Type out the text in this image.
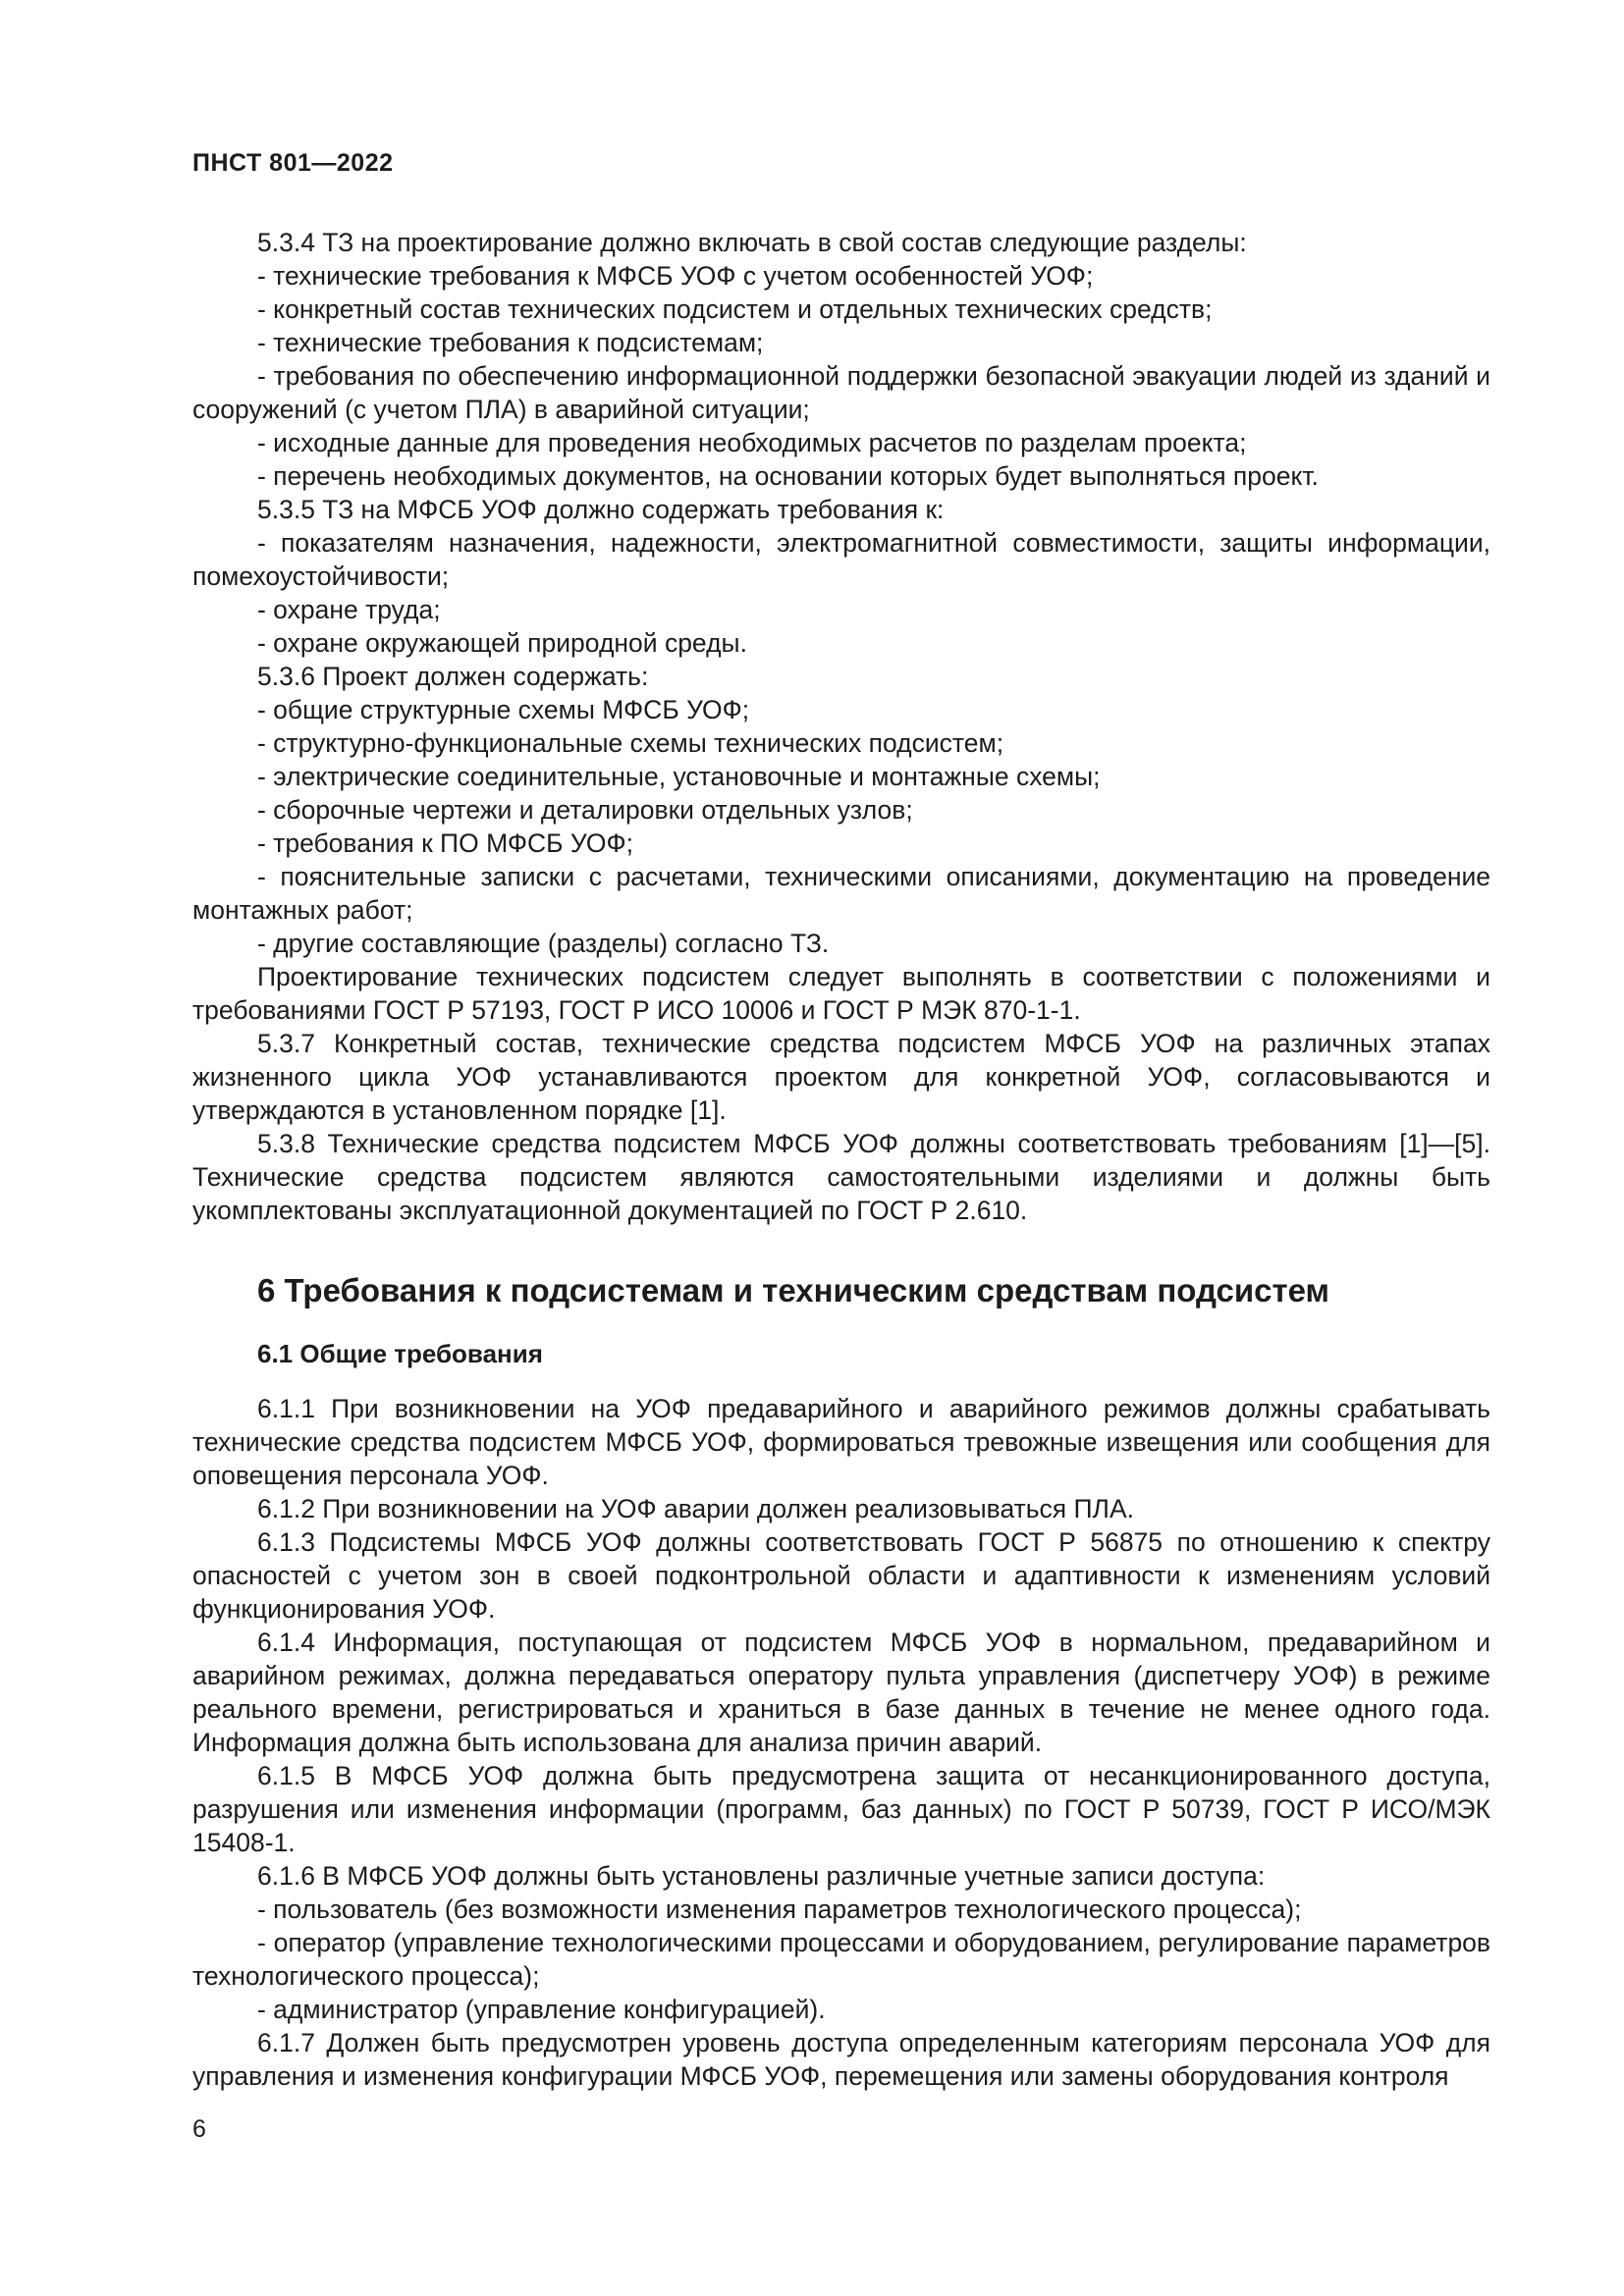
ПНСТ 801—2022

5.3.4 ТЗ на проектирование должно включать в свой состав следующие разделы:

- технические требования к МФСБ УОФ с учетом особенностей УОФ;

- конкретный состав технических подсистем и отдельных технических средств;

- технические требования к подсистемам;

- требования по обеспечению информационной поддержки безопасной эвакуации людей из зданий и сооружений (с учетом ПЛА) в аварийной ситуации;

- исходные данные для проведения необходимых расчетов по разделам проекта;

- перечень необходимых документов, на основании которых будет выполняться проект.

5.3.5 ТЗ на МФСБ УОФ должно содержать требования к:

- показателям назначения, надежности, электромагнитной совместимости, защиты информации, помехоустойчивости;

- охране труда;

- охране окружающей природной среды.

5.3.6 Проект должен содержать:

- общие структурные схемы МФСБ УОФ;

- структурно-функциональные схемы технических подсистем;

- электрические соединительные, установочные и монтажные схемы;

- сборочные чертежи и деталировки отдельных узлов;

- требования к ПО МФСБ УОФ;

- пояснительные записки с расчетами, техническими описаниями, документацию на проведение монтажных работ;

- другие составляющие (разделы) согласно ТЗ.

Проектирование технических подсистем следует выполнять в соответствии с положениями и требованиями ГОСТ Р 57193, ГОСТ Р ИСО 10006 и ГОСТ Р МЭК 870-1-1.

5.3.7 Конкретный состав, технические средства подсистем МФСБ УОФ на различных этапах жизненного цикла УОФ устанавливаются проектом для конкретной УОФ, согласовываются и утверждаются в установленном порядке [1].

5.3.8 Технические средства подсистем МФСБ УОФ должны соответствовать требованиям [1]—[5]. Технические средства подсистем являются самостоятельными изделиями и должны быть укомплектованы эксплуатационной документацией по ГОСТ Р 2.610.

6 Требования к подсистемам и техническим средствам подсистем
6.1 Общие требования

6.1.1 При возникновении на УОФ предаварийного и аварийного режимов должны срабатывать технические средства подсистем МФСБ УОФ, формироваться тревожные извещения или сообщения для оповещения персонала УОФ.

6.1.2 При возникновении на УОФ аварии должен реализовываться ПЛА.

6.1.3 Подсистемы МФСБ УОФ должны соответствовать ГОСТ Р 56875 по отношению к спектру опасностей с учетом зон в своей подконтрольной области и адаптивности к изменениям условий функционирования УОФ.

6.1.4 Информация, поступающая от подсистем МФСБ УОФ в нормальном, предаварийном и аварийном режимах, должна передаваться оператору пульта управления (диспетчеру УОФ) в режиме реального времени, регистрироваться и храниться в базе данных в течение не менее одного года. Информация должна быть использована для анализа причин аварий.

6.1.5 В МФСБ УОФ должна быть предусмотрена защита от несанкционированного доступа, разрушения или изменения информации (программ, баз данных) по ГОСТ Р 50739, ГОСТ Р ИСО/МЭК 15408-1.

6.1.6 В МФСБ УОФ должны быть установлены различные учетные записи доступа:

- пользователь (без возможности изменения параметров технологического процесса);

- оператор (управление технологическими процессами и оборудованием, регулирование параметров технологического процесса);

- администратор (управление конфигурацией).

6.1.7 Должен быть предусмотрен уровень доступа определенным категориям персонала УОФ для управления и изменения конфигурации МФСБ УОФ, перемещения или замены оборудования контроля

6
